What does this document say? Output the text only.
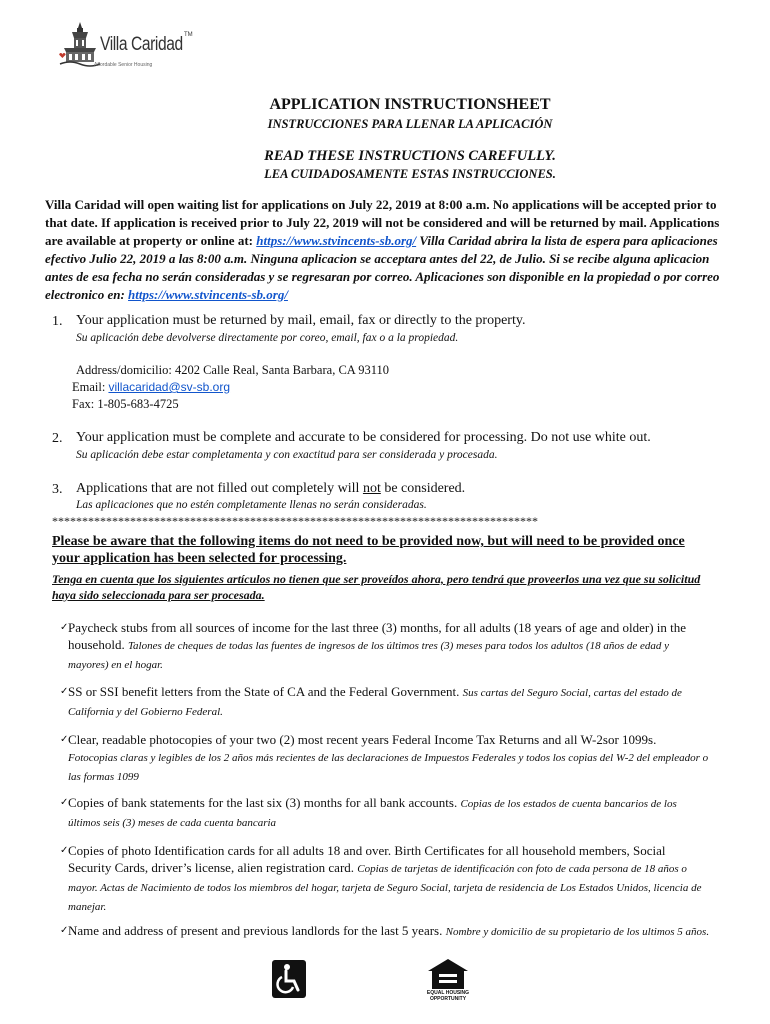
Villa Caridad TM
Affordable Senior Housing
APPLICATION INSTRUCTIONSHEET
INSTRUCCIONES PARA LLENAR LA APLICACIÓN
READ THESE INSTRUCTIONS CAREFULLY.
LEA CUIDADOSAMENTE ESTAS INSTRUCCIONES.
Villa Caridad will open waiting list for applications on July 22, 2019 at 8:00 a.m. No applications will be accepted prior to that date. If application is received prior to July 22, 2019 will not be considered and will be returned by mail. Applications are available at property or online at: https://www.stvincents-sb.org/ Villa Caridad abrira la lista de espera para aplicaciones efectivo Julio 22, 2019 a las 8:00 a.m. Ninguna aplicacion se acceptara antes del 22, de Julio. Si se recibe alguna aplicacion antes de esa fecha no serán consideradas y se regresaran por correo. Aplicaciones son disponible en la propiedad o por correo electronico en: https://www.stvincents-sb.org/
1. Your application must be returned by mail, email, fax or directly to the property.
Su aplicación debe devolverse directamente por coreo, email, fax o a la propiedad.
Address/domicilio: 4202 Calle Real, Santa Barbara, CA 93110
Email: villacaridad@sv-sb.org
Fax: 1-805-683-4725
2. Your application must be complete and accurate to be considered for processing. Do not use white out.
Su aplicación debe estar completamenta y con exactitud para ser considerada y procesada.
3. Applications that are not filled out completely will not be considered.
Las aplicaciones que no estén completamente llenas no serán consideradas.
*********************************************************************************
Please be aware that the following items do not need to be provided now, but will need to be provided once your application has been selected for processing.
Tenga en cuenta que los siguientes artículos no tienen que ser proveídos ahora, pero tendrá que proveerlos una vez que su solicitud haya sido seleccionada para ser procesada.
✓ Paycheck stubs from all sources of income for the last three (3) months, for all adults (18 years of age and older) in the household. Talones de cheques de todas las fuentes de ingresos de los últimos tres (3) meses para todos los adultos (18 años de edad y mayores) en el hogar.
✓ SS or SSI benefit letters from the State of CA and the Federal Government. Sus cartas del Seguro Social, cartas del estado de California y del Gobierno Federal.
✓ Clear, readable photocopies of your two (2) most recent years Federal Income Tax Returns and all W-2sor 1099s.
Fotocopias claras y legibles de los 2 años más recientes de las declaraciones de Impuestos Federales y todos los copias del W-2 del empleador o las formas 1099
✓ Copies of bank statements for the last six (3) months for all bank accounts. Copias de los estados de cuenta bancarios de los últimos seis (3) meses de cada cuenta bancaria
✓ Copies of photo Identification cards for all adults 18 and over. Birth Certificates for all household members, Social Security Cards, driver’s license, alien registration card. Copias de tarjetas de identificación con foto de cada persona de 18 años o mayor. Actas de Nacimiento de todos los miembros del hogar, tarjeta de Seguro Social, tarjeta de residencia de Los Estados Unidos, licencia de manejar.
✓ Name and address of present and previous landlords for the last 5 years. Nombre y domicilio de su propietario de los ultimos 5 años.
EQUAL HOUSING
OPPORTUNITY
